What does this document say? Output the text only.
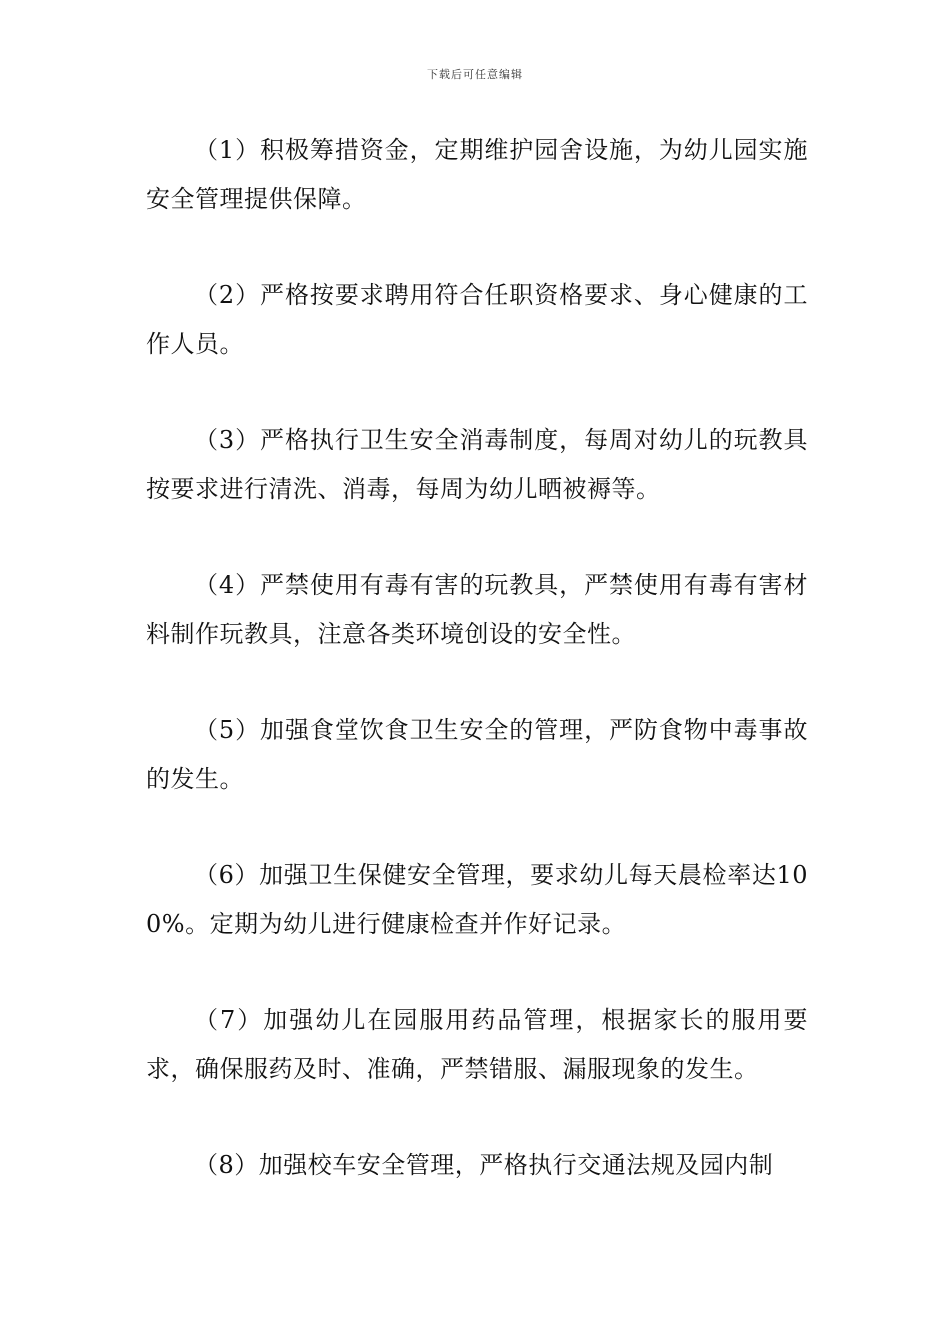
下载后可任意编辑

（1）积极筹措资金，定期维护园舍设施，为幼儿园实施安全管理提供保障。

（2）严格按要求聘用符合任职资格要求、身心健康的工作人员。

（3）严格执行卫生安全消毒制度，每周对幼儿的玩教具按要求进行清洗、消毒，每周为幼儿晒被褥等。

（4）严禁使用有毒有害的玩教具，严禁使用有毒有害材料制作玩教具，注意各类环境创设的安全性。

（5）加强食堂饮食卫生安全的管理，严防食物中毒事故的发生。

（6）加强卫生保健安全管理，要求幼儿每天晨检率达100%。定期为幼儿进行健康检查并作好记录。

（7）加强幼儿在园服用药品管理，根据家长的服用要求，确保服药及时、准确，严禁错服、漏服现象的发生。

（8）加强校车安全管理，严格执行交通法规及园内制
